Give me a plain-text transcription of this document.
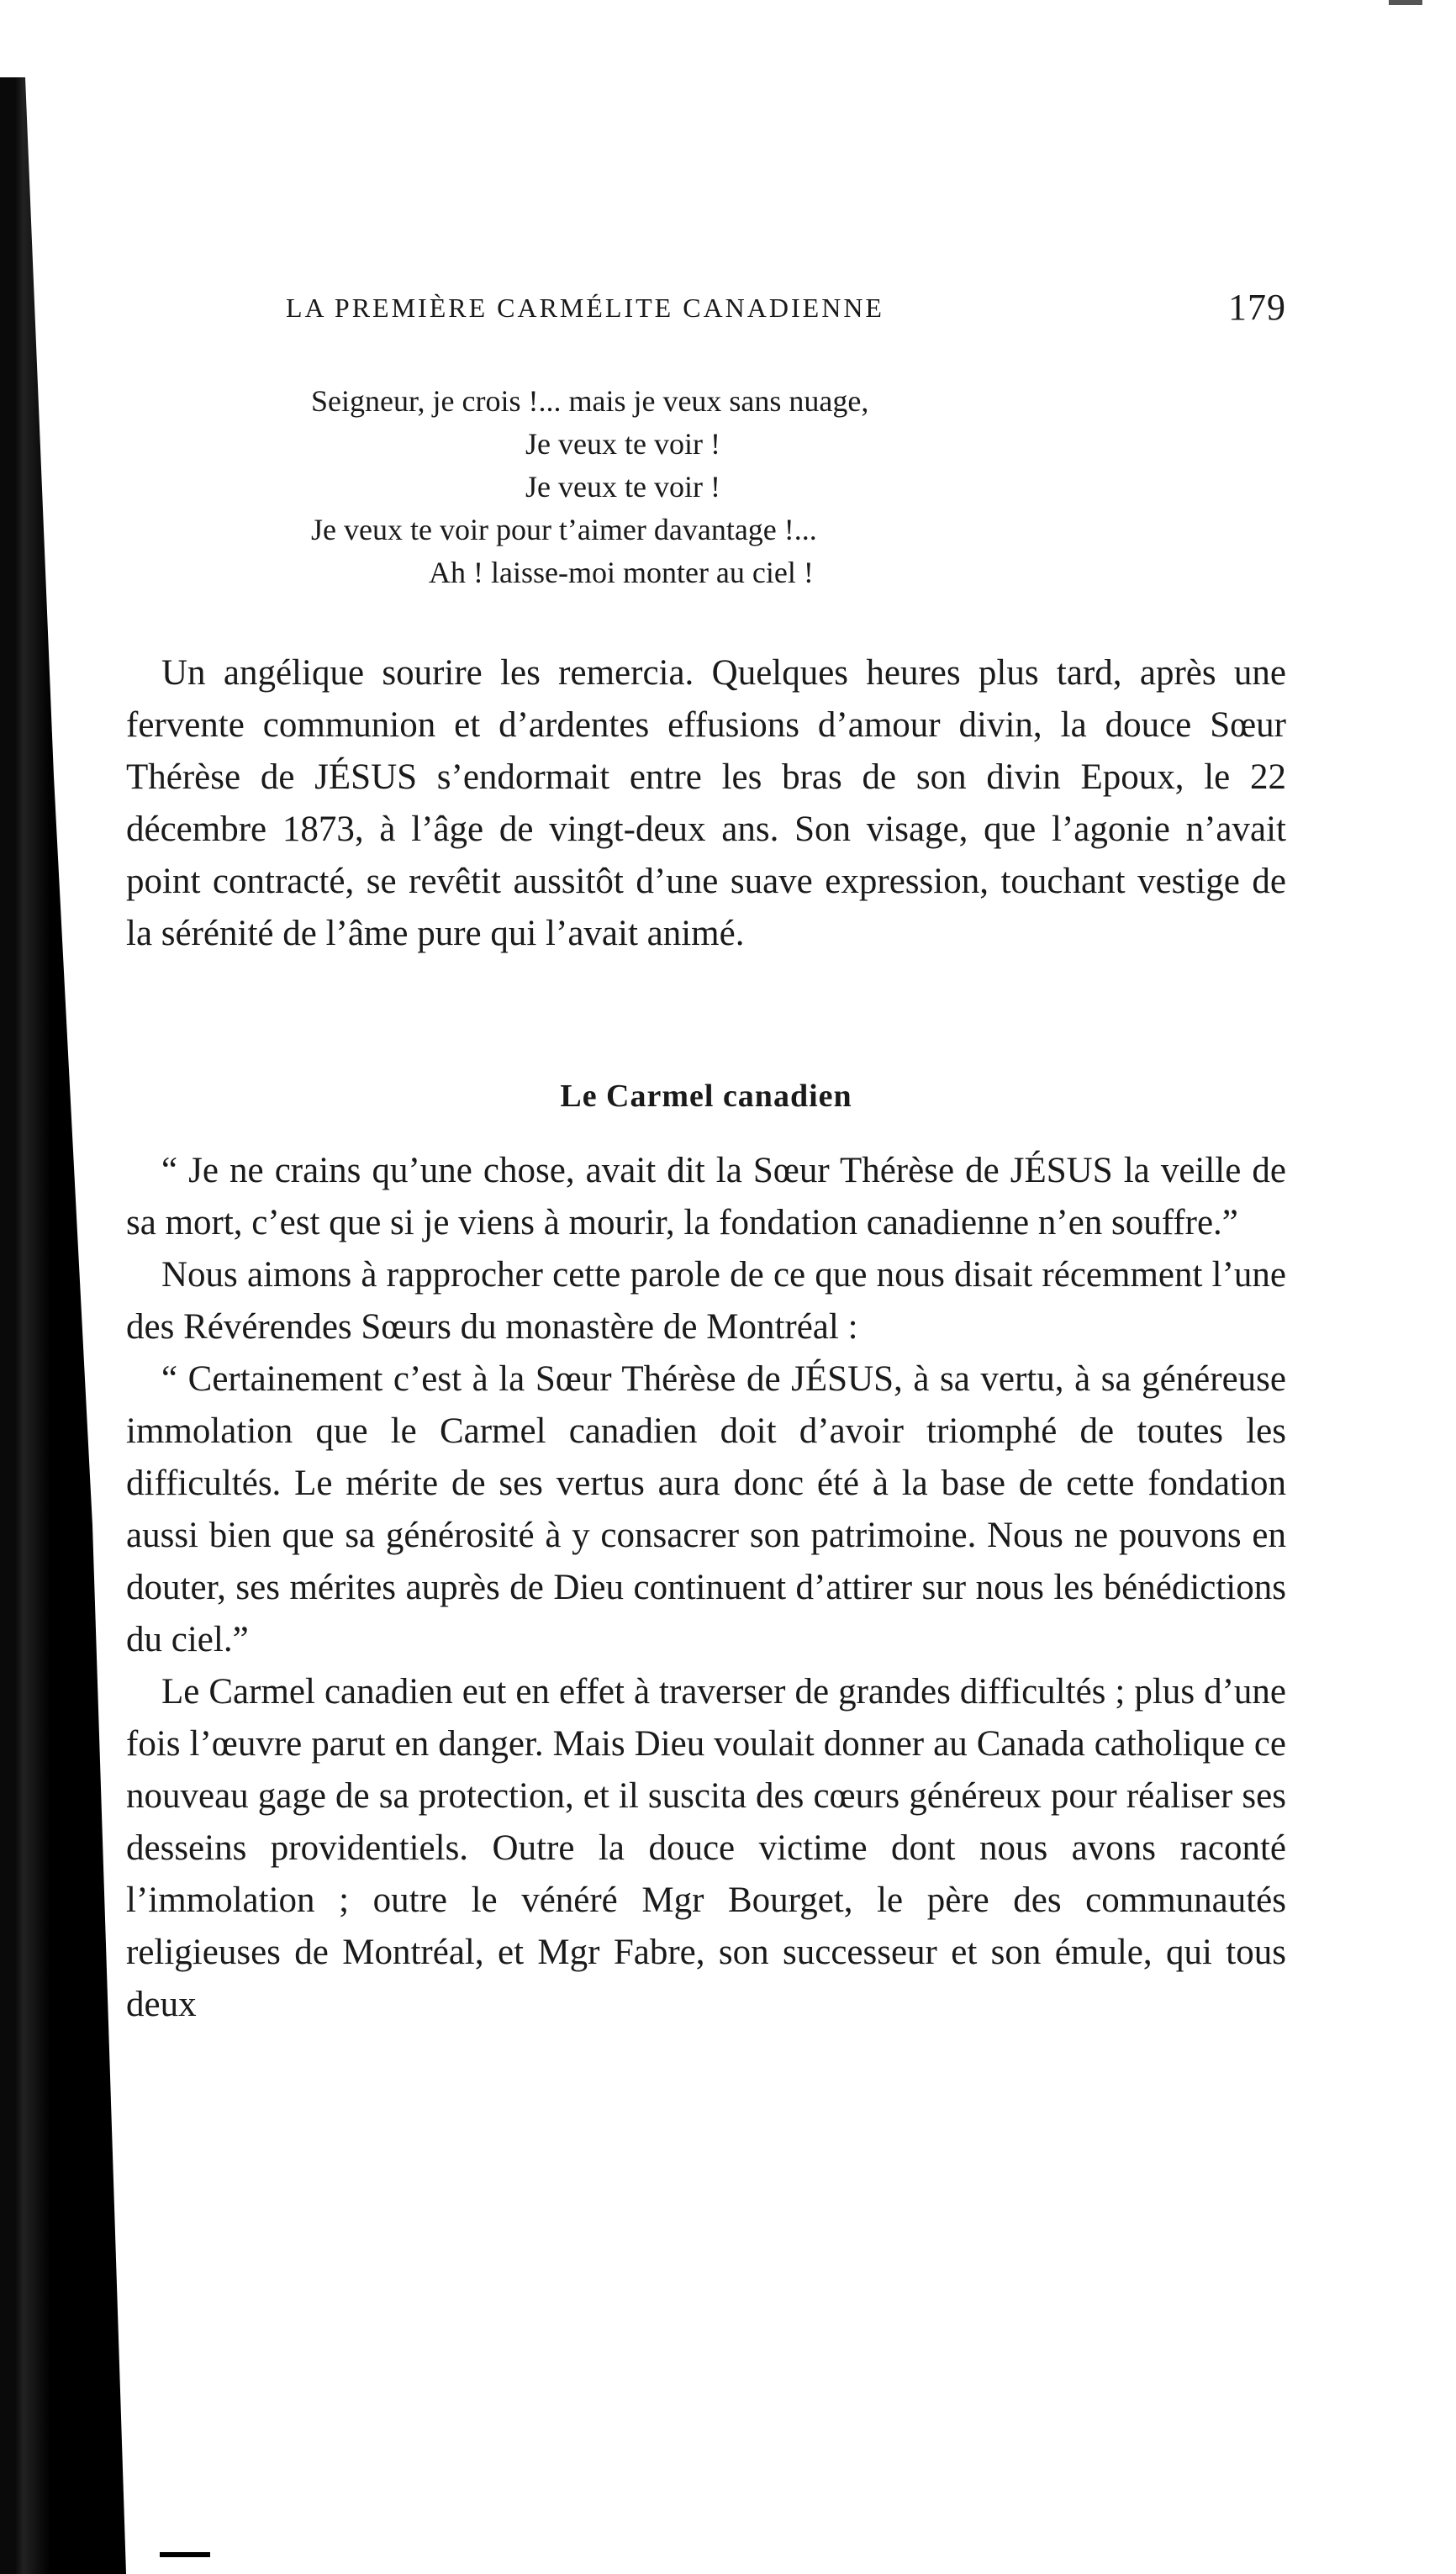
LA PREMIÈRE CARMÉLITE CANADIENNE	179
Seigneur, je crois !... mais je veux sans nuage,
Je veux te voir !
Je veux te voir !
Je veux te voir pour t’aimer davantage !...
Ah ! laisse-moi monter au ciel !

Un angélique sourire les remercia. Quelques heures plus tard, après une fervente communion et d’ardentes effusions d’amour divin, la douce Sœur Thérèse de JÉSUS s’endormait entre les bras de son divin Epoux, le 22 décembre 1873, à l’âge de vingt-deux ans. Son visage, que l’agonie n’avait point contracté, se revêtit aussitôt d’une suave expression, touchant vestige de la sérénité de l’âme pure qui l’avait animé.

Le Carmel canadien

“ Je ne crains qu’une chose, avait dit la Sœur Thérèse de JÉSUS la veille de sa mort, c’est que si je viens à mourir, la fondation canadienne n’en souffre.”

Nous aimons à rapprocher cette parole de ce que nous disait récemment l’une des Révérendes Sœurs du monastère de Montréal :

“ Certainement c’est à la Sœur Thérèse de JÉSUS, à sa vertu, à sa généreuse immolation que le Carmel canadien doit d’avoir triomphé de toutes les difficultés. Le mérite de ses vertus aura donc été à la base de cette fondation aussi bien que sa générosité à y consacrer son patrimoine. Nous ne pouvons en douter, ses mérites auprès de Dieu continuent d’attirer sur nous les bénédictions du ciel.”

Le Carmel canadien eut en effet à traverser de grandes difficultés ; plus d’une fois l’œuvre parut en danger. Mais Dieu voulait donner au Canada catholique ce nouveau gage de sa protection, et il suscita des cœurs généreux pour réaliser ses desseins providentiels. Outre la douce victime dont nous avons raconté l’immolation ; outre le vénéré Mgr Bourget, le père des communautés religieuses de Montréal, et Mgr Fabre, son successeur et son émule, qui tous deux
